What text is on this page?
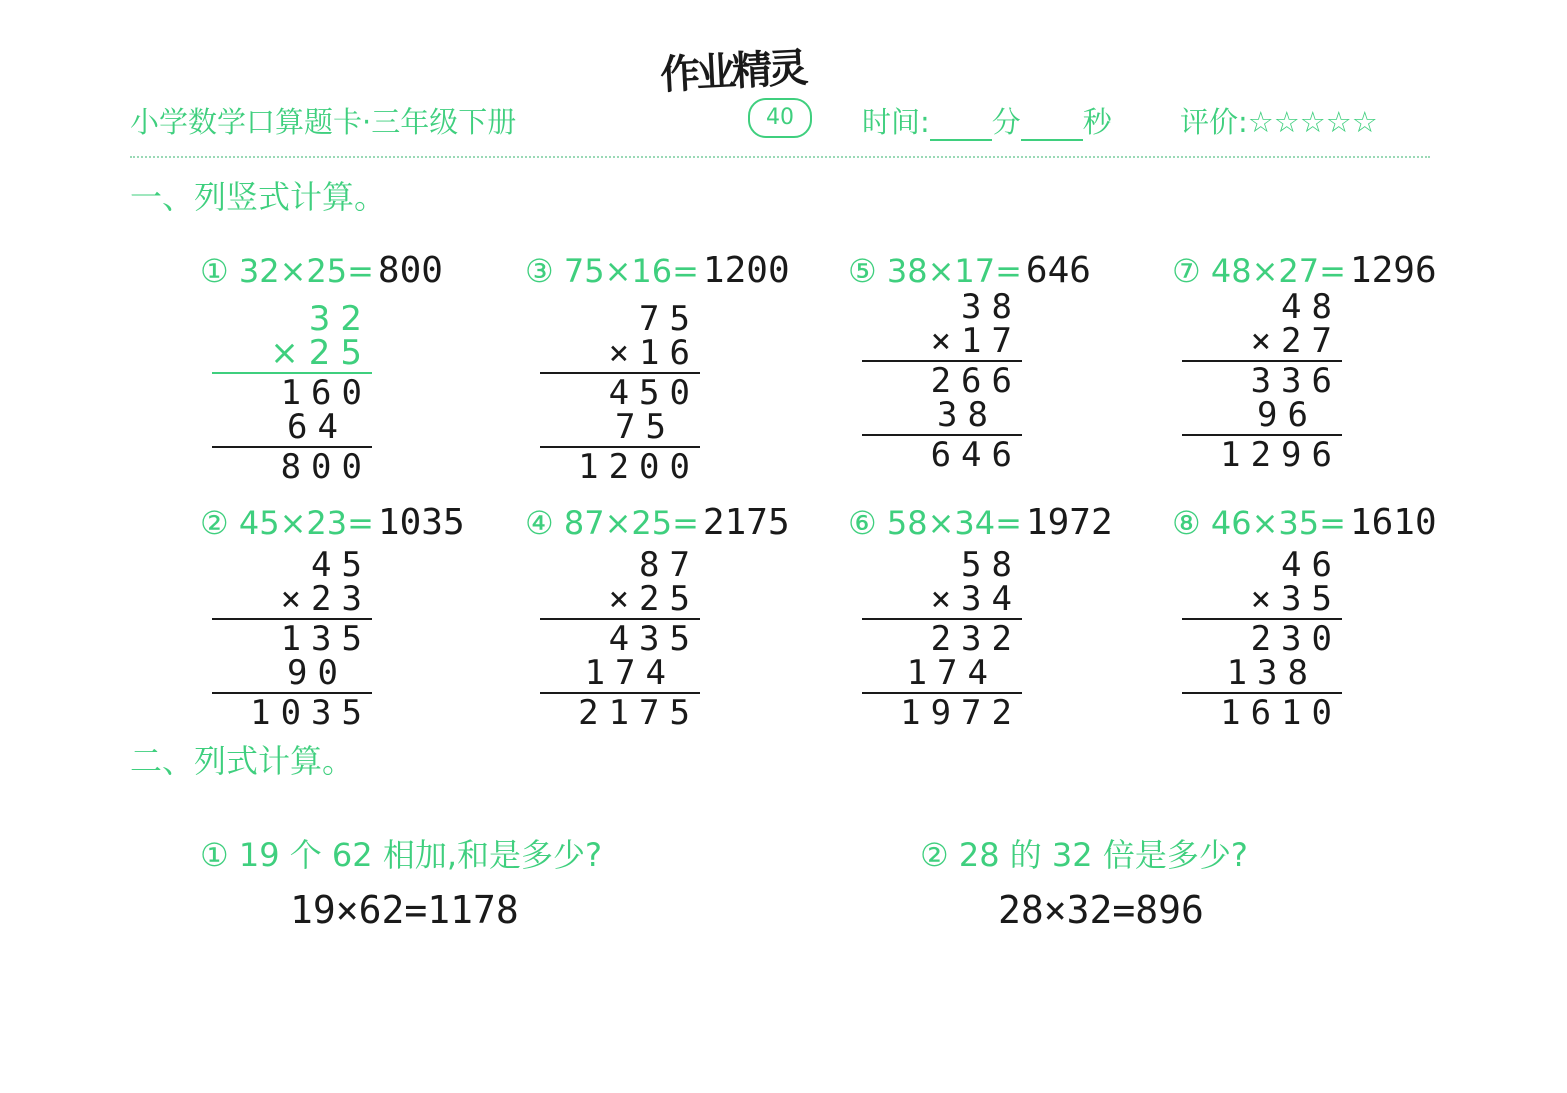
作业精灵
小学数学口算题卡·三年级下册	40	时间: 分 秒 评价:☆☆☆☆☆
一、列竖式计算。
① 32×25= 800	③ 75×16= 1200 ⑤ 38×17= 646	⑦ 48×27= 1296
32
×25
160
64
800
75
×16
450
75
1200
38
×17
266
38
646
48
×27
336
96
1296
② 45×23= 1035 ④ 87×25= 2175 ⑥ 58×34= 1972 ⑧ 46×35= 1610
45
×23
135
90
1035
87
×25
435
174
2175
58
×34
232
174
1972
46
×35
230
138
1610
二、列式计算。
① 19 个 62 相加,和是多少?
19×62=1178
② 28 的 32 倍是多少?
28×32=896
